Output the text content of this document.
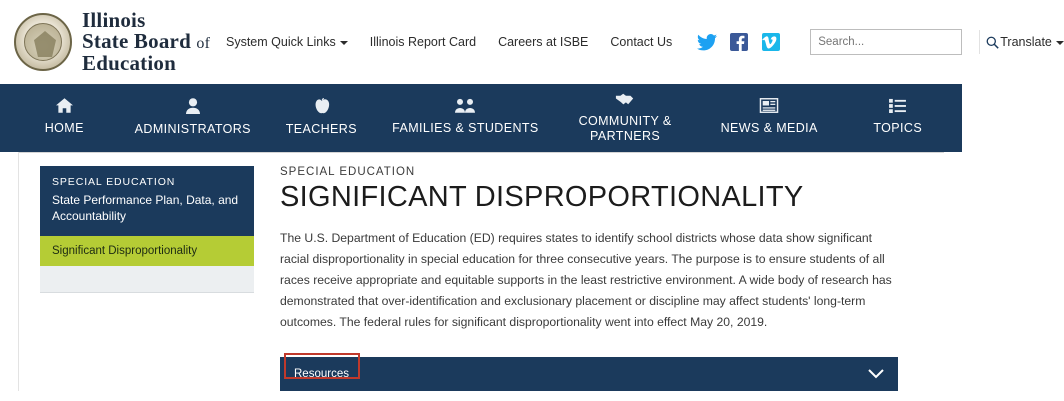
Illinois
State Board of
Education
System Quick Links	Illinois Report Card Careers at ISBE Contact Us
Search...	Translate
HOME	ADMINISTRATORS	TEACHERS	FAMILIES & STUDENTS
COMMUNITY & PARTNERS
NEWS & MEDIA	TOPICS
SPECIAL EDUCATION
State Performance Plan, Data, and Accountability
Significant Disproportionality
SPECIAL EDUCATION
SIGNIFICANT DISPROPORTIONALITY

The U.S. Department of Education (ED) requires states to identify school districts whose data show significant racial disproportionality in special education for three consecutive years. The purpose is to ensure students of all races receive appropriate and equitable supports in the least restrictive environment. A wide body of research has demonstrated that over-identification and exclusionary placement or discipline may affect students' long-term outcomes. The federal rules for significant disproportionality went into effect May 20, 2019.

Resources
